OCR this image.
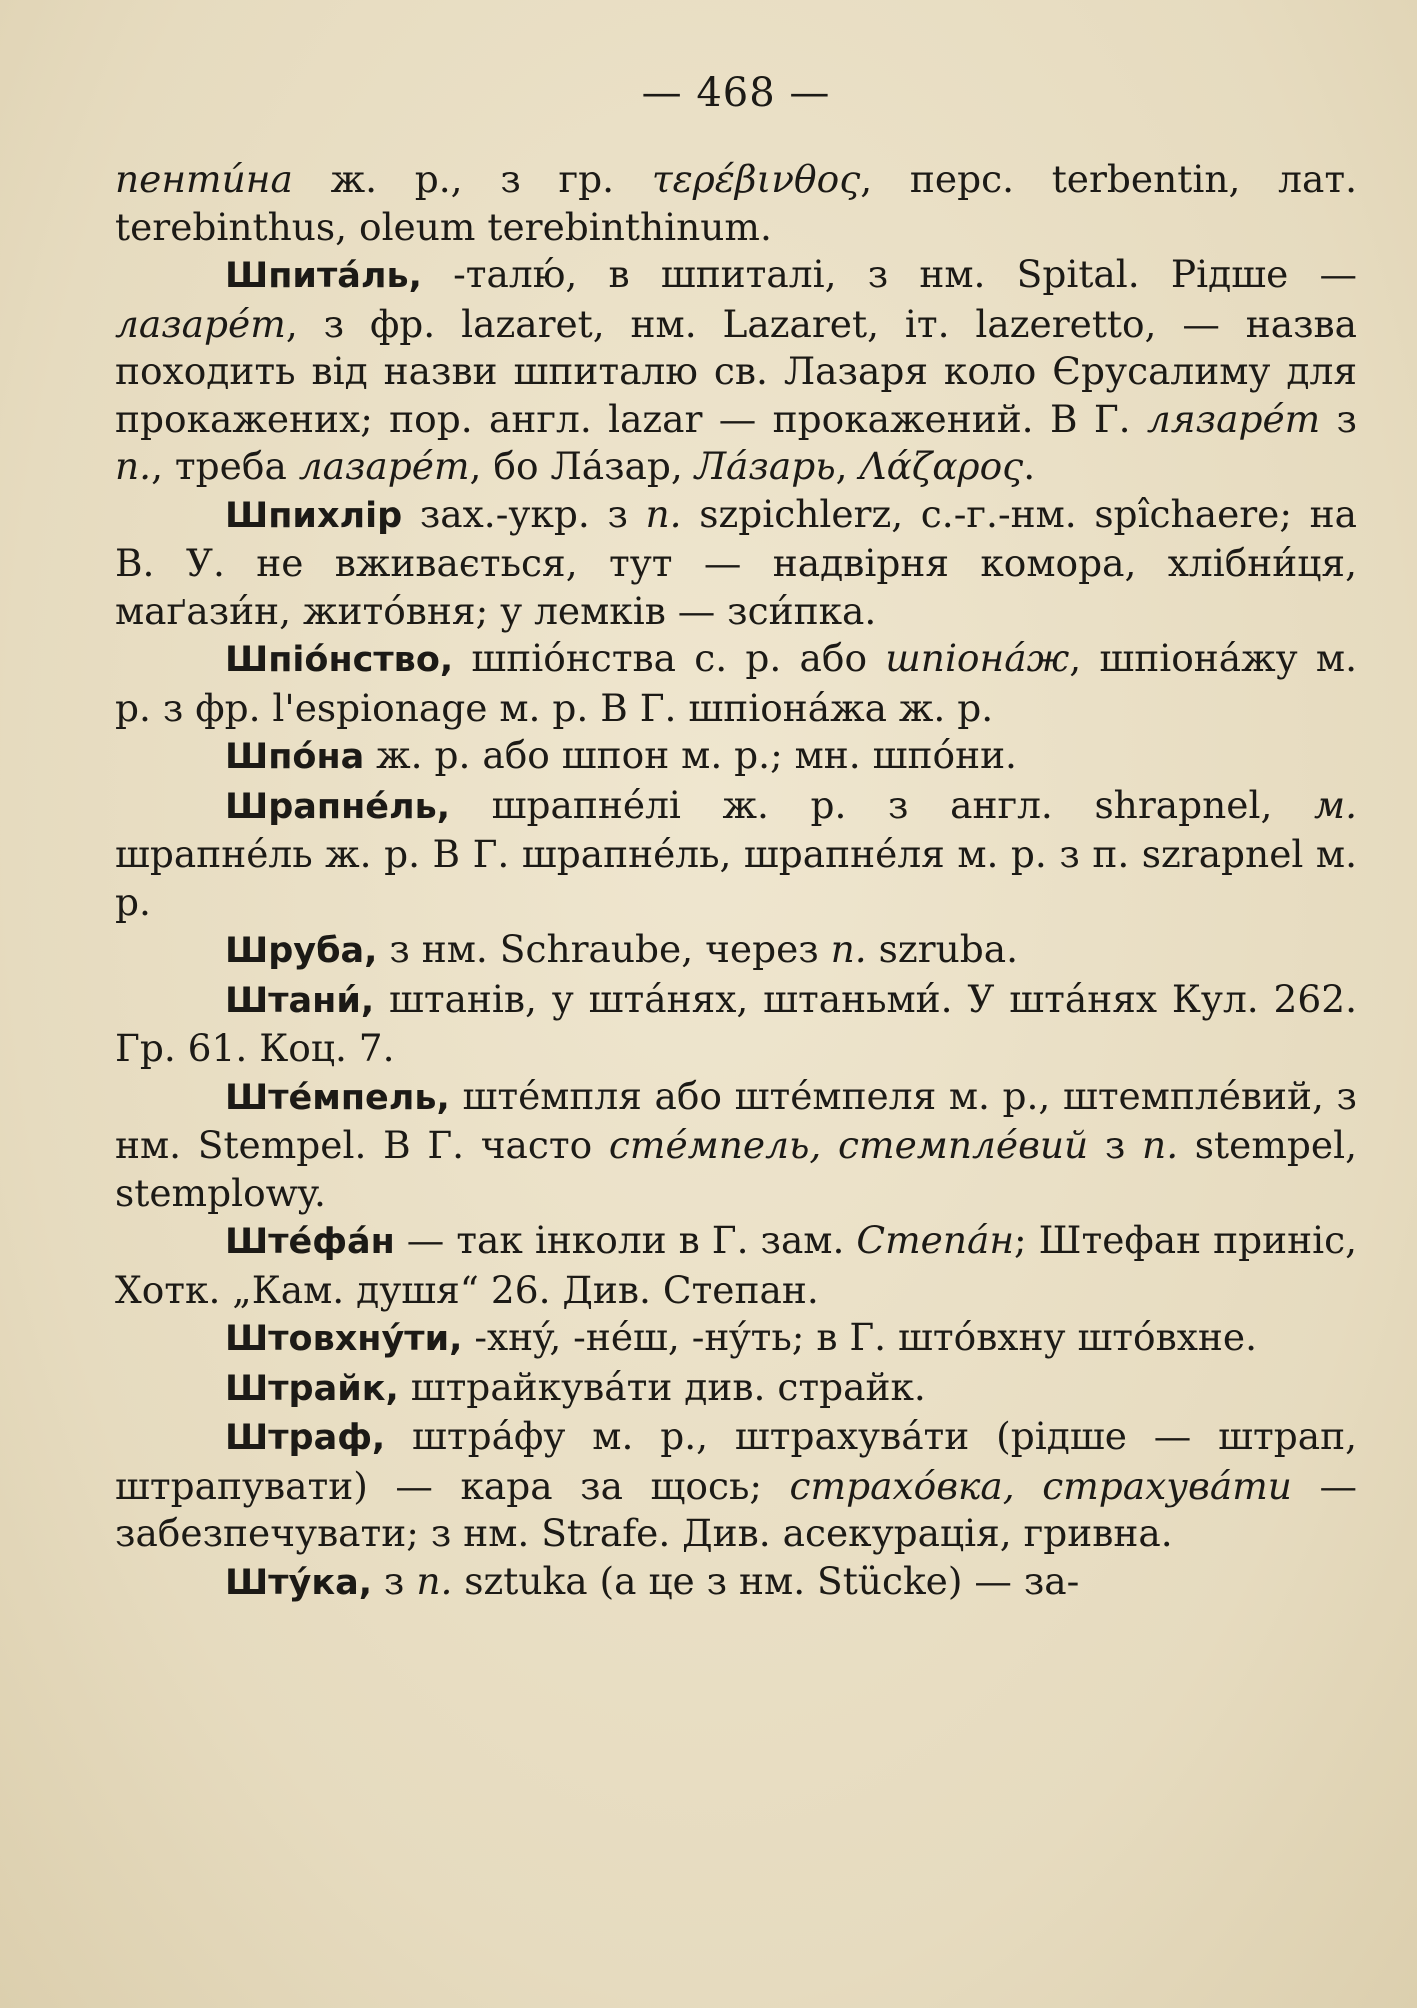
— 468 —

пентúна ж. р., з гр. τερέβινθος, перс. terbentin, лат. terebinthus, oleum terebinthinum.

Шпитáль, -талю́, в шпиталі, з нм. Spital. Рідше — лазарéт, з фр. lazaret, нм. Lazaret, іт. lazeretto, — назва походить від назви шпиталю св. Лазаря коло Єрусалиму для прокажених; пор. англ. lazar — прокажений. В Г. лязарéт з п., треба лазарéт, бо Лáзар, Лáзарь, Λάζαρος.

Шпихлір зах.-укр. з п. szpichlerz, с.-г.-нм. spîchaere; на В. У. не вживається, тут — надвірня комора, хлібни́ця, маґази́н, житóвня; у лемків — зси́пка.

Шпіóнство, шпіóнства с. р. або шпіонáж, шпіонáжу м. р. з фр. l'espionage м. р. В Г. шпіонáжа ж. р.

Шпóна ж. р. або шпон м. р.; мн. шпóни.

Шрапнéль, шрапнéлі ж. р. з англ. shrapnel, м. шрапнéль ж. р. В Г. шрапнéль, шрапнéля м. р. з п. szrapnel м. р.

Шруба, з нм. Schraube, через п. szruba.

Штани́, штанів, у штáнях, штаньми́. У штáнях Кул. 262. Гр. 61. Коц. 7.

Штéмпель, штéмпля або штéмпеля м. р., штемплéвий, з нм. Stempel. В Г. часто стéмпель, стемплéвий з п. stempel, stemplowy.

Штéфáн — так інколи в Г. зам. Степáн; Штефан приніс, Хотк. „Кам. душя“ 26. Див. Степан.

Штовхнýти, -хнý, -нéш, -нýть; в Г. штóвхну штóвхне.

Штрайк, штрайкувáти див. страйк.

Штраф, штрáфу м. р., штрахувáти (рідше — штрап, штрапувати) — кара за щось; страхóвка, страхувáти — забезпечувати; з нм. Strafe. Див. асекурація, гривна.

Штýка, з п. sztuka (а це з нм. Stücke) — за-
